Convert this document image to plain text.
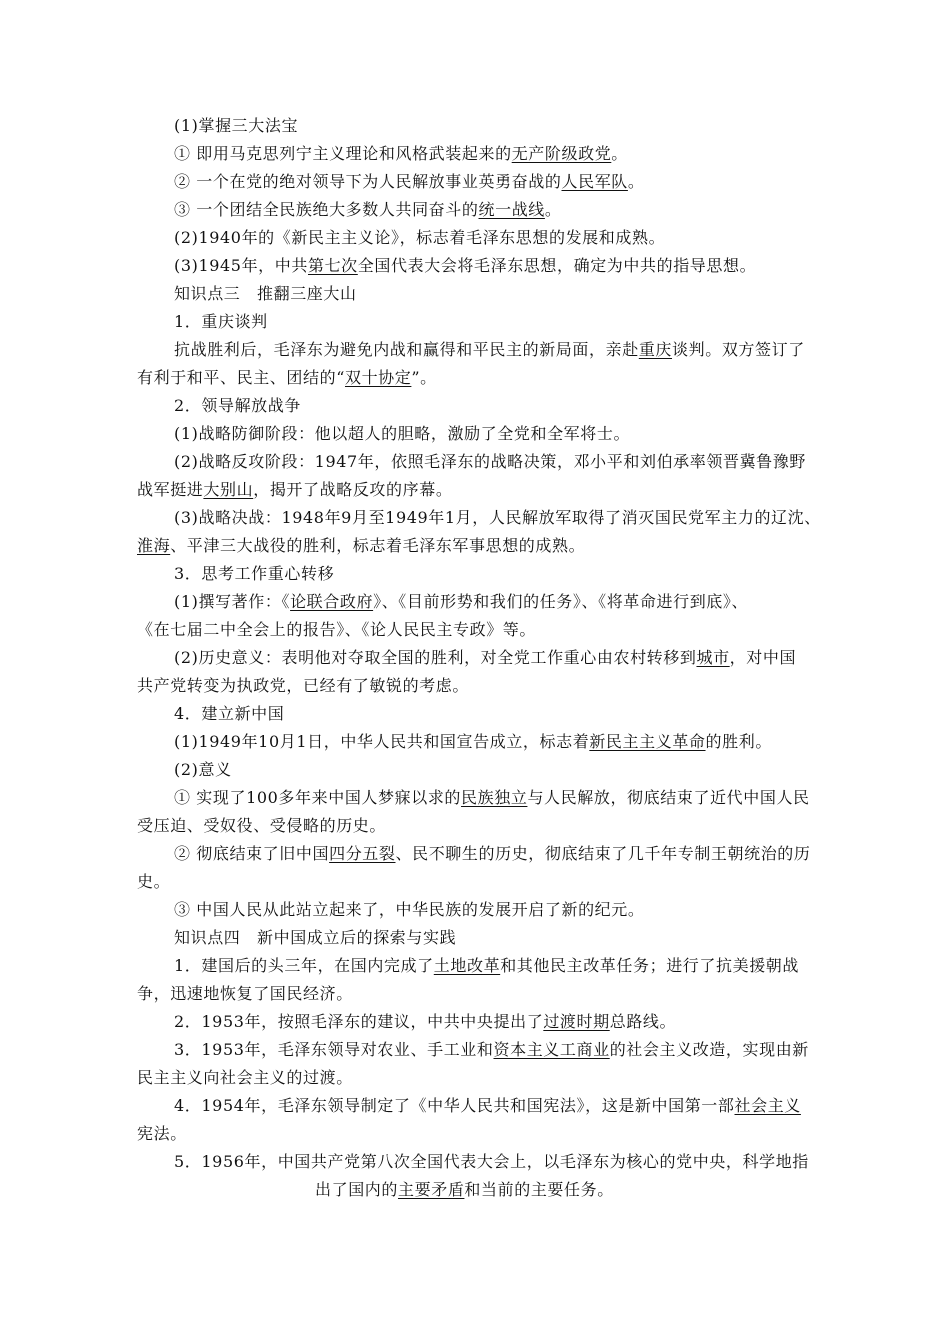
(1)掌握三大法宝
① 即用马克思列宁主义理论和风格武装起来的无产阶级政党。
② 一个在党的绝对领导下为人民解放事业英勇奋战的人民军队。
③ 一个团结全民族绝大多数人共同奋斗的统一战线。
(2)1940年的《新民主主义论》，标志着毛泽东思想的发展和成熟。
(3)1945年，中共第七次全国代表大会将毛泽东思想，确定为中共的指导思想。
知识点三　推翻三座大山
1．重庆谈判
抗战胜利后，毛泽东为避免内战和赢得和平民主的新局面，亲赴重庆谈判。双方签订了
有利于和平、民主、团结的“双十协定”。
2．领导解放战争
(1)战略防御阶段：他以超人的胆略，激励了全党和全军将士。
(2)战略反攻阶段：1947年，依照毛泽东的战略决策，邓小平和刘伯承率领晋冀鲁豫野
战军挺进大别山，揭开了战略反攻的序幕。
(3)战略决战：1948年9月至1949年1月，人民解放军取得了消灭国民党军主力的辽沈、
淮海、平津三大战役的胜利，标志着毛泽东军事思想的成熟。
3．思考工作重心转移
(1)撰写著作：《论联合政府》、《目前形势和我们的任务》、《将革命进行到底》、
《在七届二中全会上的报告》、《论人民民主专政》等。
(2)历史意义：表明他对夺取全国的胜利，对全党工作重心由农村转移到城市，对中国
共产党转变为执政党，已经有了敏锐的考虑。
4．建立新中国
(1)1949年10月1日，中华人民共和国宣告成立，标志着新民主主义革命的胜利。
(2)意义
① 实现了100多年来中国人梦寐以求的民族独立与人民解放，彻底结束了近代中国人民
受压迫、受奴役、受侵略的历史。
② 彻底结束了旧中国四分五裂、民不聊生的历史，彻底结束了几千年专制王朝统治的历
史。
③ 中国人民从此站立起来了，中华民族的发展开启了新的纪元。
知识点四　新中国成立后的探索与实践
1．建国后的头三年，在国内完成了土地改革和其他民主改革任务；进行了抗美援朝战
争，迅速地恢复了国民经济。
2．1953年，按照毛泽东的建议，中共中央提出了过渡时期总路线。
3．1953年，毛泽东领导对农业、手工业和资本主义工商业的社会主义改造，实现由新
民主主义向社会主义的过渡。
4．1954年，毛泽东领导制定了《中华人民共和国宪法》，这是新中国第一部社会主义
宪法。
5．1956年，中国共产党第八次全国代表大会上，以毛泽东为核心的党中央，科学地指
出了国内的主要矛盾和当前的主要任务。
